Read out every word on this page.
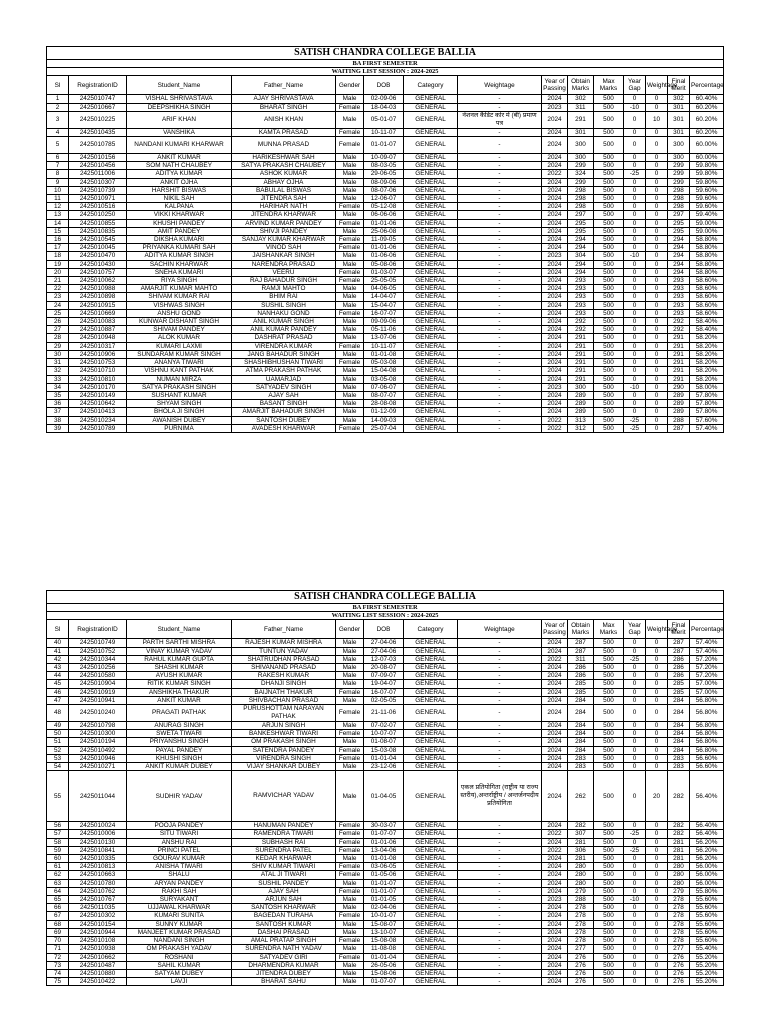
SATISH CHANDRA COLLEGE BALLIA														
BA FIRST SEMESTER														
WAITING LIST SESSION : 2024-2025														
Sl	RegistrationID	Student_Name	Father_Name	Gender	DOB	Category	Weightage	Year of Passing	Obtain Marks	Max Marks	Year Gap	Weightage	Final Merit	Percentage
1	2425010747	VISHAL SHRIVASTAVA	AJAY SHRIVASTAVA	Male	02-09-06	GENERAL	-	2024	302	500	0	0	302	60.40%
2	2425010667	DEEPSHIKHA SINGH	BHARAT SINGH	Female	18-04-03	GENERAL	-	2023	311	500	-10	0	301	60.20%
3	2425010225	ARIF KHAN	ANISH KHAN	Male	05-01-07	GENERAL	नेशनल कैडिट कोर में (बी) प्रमाण पत्र	2024	291	500	0	10	301	60.20%
4	2425010435	VANSHIKA	KAMTA PRASAD	Female	10-11-07	GENERAL	-	2024	301	500	0	0	301	60.20%
5	2425010785	NANDANI KUMARI KHARWAR	MUNNA PRASAD	Female	01-01-07	GENERAL	-	2024	300	500	0	0	300	60.00%
6	2425010156	ANKIT KUMAR	HARIKESHWAR SAH	Male	10-09-07	GENERAL	-	2024	300	500	0	0	300	60.00%
7	2425010456	SOM NATH CHAUBEY	SATYA PRAKASH CHAUBEY	Male	08-03-05	GENERAL	-	2024	299	500	0	0	299	59.80%
8	2425011006	ADITYA KUMAR	ASHOK KUMAR	Male	29-06-05	GENERAL	-	2022	324	500	-25	0	299	59.80%
9	2425010307	ANKIT OJHA	ABHAY OJHA	Male	08-09-06	GENERAL	-	2024	299	500	0	0	299	59.80%
10	2425010739	HARSHIT BISWAS	BABULAL BISWAS	Male	08-07-06	GENERAL	-	2024	298	500	0	0	298	59.60%
11	2425010971	NIKIL SAH	JITENDRA SAH	Male	12-06-07	GENERAL	-	2024	298	500	0	0	298	59.60%
12	2425010516	KALPANA	HARIHAR NATH	Female	05-12-08	GENERAL	-	2024	298	500	0	0	298	59.60%
13	2425010250	VIKKI KHARWAR	JITENDRA KHARWAR	Male	06-06-06	GENERAL	-	2024	297	500	0	0	297	59.40%
14	2425010855	KHUSHI PANDEY	ARVIND KUMAR PANDEY	Female	01-01-06	GENERAL	-	2024	295	500	0	0	295	59.00%
15	2425010835	AMIT PANDEY	SHIVJI PANDEY	Male	25-06-08	GENERAL	-	2024	295	500	0	0	295	59.00%
16	2425010545	DIKSHA KUMARI	SANJAY KUMAR KHARWAR	Female	11-09-05	GENERAL	-	2024	294	500	0	0	294	58.80%
17	2425010045	PRIYANKA KUMARI SAH	VINOD SAH	Female	01-01-06	GENERAL	-	2024	294	500	0	0	294	58.80%
18	2425010470	ADITYA KUMAR SINGH	JAISHANKAR SINGH	Male	01-06-06	GENERAL	-	2023	304	500	-10	0	294	58.80%
19	2425010430	SACHIN KHARWAR	NARENDRA PRASAD	Male	05-08-06	GENERAL	-	2024	294	500	0	0	294	58.80%
20	2425010757	SNEHA KUMARI	VEERU	Female	01-03-07	GENERAL	-	2024	294	500	0	0	294	58.80%
21	2425010062	RIYA SINGH	RAJ BAHADUR SINGH	Female	25-05-05	GENERAL	-	2024	293	500	0	0	293	58.60%
22	2425010988	AMARJIT KUMAR MAHTO	RAMJI MAHTO	Male	04-06-05	GENERAL	-	2024	293	500	0	0	293	58.60%
23	2425010898	SHIVAM KUMAR RAI	BHIM RAI	Male	14-04-07	GENERAL	-	2024	293	500	0	0	293	58.60%
24	2425010915	VISHWAS SINGH	SUSHIL SINGH	Male	15-04-07	GENERAL	-	2024	293	500	0	0	293	58.60%
25	2425010669	ANSHU GOND	NANHAKU GOND	Female	16-07-07	GENERAL	-	2024	293	500	0	0	293	58.60%
26	2425010083	KUNWAR DISHANT SINGH	ANIL KUMAR SINGH	Male	09-09-06	GENERAL	-	2024	292	500	0	0	292	58.40%
27	2425010887	SHIVAM PANDEY	ANIL KUMAR PANDEY	Male	05-11-06	GENERAL	-	2024	292	500	0	0	292	58.40%
28	2425010948	ALOK KUMAR	DASHRAT PRASAD	Male	13-07-06	GENERAL	-	2024	291	500	0	0	291	58.20%
29	2425010317	KUMARI LAXMI	VIRENDRA KUMAR	Female	10-11-07	GENERAL	-	2024	291	500	0	0	291	58.20%
30	2425010906	SUNDARAM KUMAR SINGH	JANG BAHADUR SINGH	Male	01-01-08	GENERAL	-	2024	291	500	0	0	291	58.20%
31	2425010753	ANANYA TIWARI	SHASHIBHUSHAN TIWARI	Female	05-03-08	GENERAL	-	2024	291	500	0	0	291	58.20%
32	2425010710	VISHNU KANT PATHAK	ATMA PRAKASH PATHAK	Male	15-04-08	GENERAL	-	2024	291	500	0	0	291	58.20%
33	2425010810	NUMAN MIRZA	UAMARJAD	Male	03-05-08	GENERAL	-	2024	291	500	0	0	291	58.20%
34	2425010170	SATYA PRAKASH SINGH	SATYADEV SINGH	Male	07-06-07	GENERAL	-	2023	300	500	-10	0	290	58.00%
35	2425010149	SUSHANT KUMAR	AJAY SAH	Male	08-07-07	GENERAL	-	2024	289	500	0	0	289	57.80%
36	2425010642	SHYAM SINGH	BASANT SINGH	Male	28-08-08	GENERAL	-	2024	289	500	0	0	289	57.80%
37	2425010413	BHOLA JI SINGH	AMARJIT BAHADUR SINGH	Male	01-12-09	GENERAL	-	2024	289	500	0	0	289	57.80%
38	2425010234	AWANISH DUBEY	SANTOSH DUBEY	Male	14-09-03	GENERAL	-	2022	313	500	-25	0	288	57.60%
39	2425010789	PURNIMA	AVADESH KHARWAR	Female	25-07-04	GENERAL	-	2022	312	500	-25	0	287	57.40%
SATISH CHANDRA COLLEGE BALLIA														
BA FIRST SEMESTER														
WAITING LIST SESSION : 2024-2025														
Sl	RegistrationID	Student_Name	Father_Name	Gender	DOB	Category	Weightage	Year of Passing	Obtain Marks	Max Marks	Year Gap	Weightage	Final Merit	Percentage
40	2425010749	PARTH SARTHI MISHRA	RAJESH KUMAR MISHRA	Male	27-04-06	GENERAL	-	2024	287	500	0	0	287	57.40%
41	2425010752	VINAY KUMAR YADAV	TUNTUN YADAV	Male	27-04-06	GENERAL	-	2024	287	500	0	0	287	57.40%
42	2425010344	RAHUL KUMAR GUPTA	SHATRUDHAN PRASAD	Male	12-07-03	GENERAL	-	2022	311	500	-25	0	286	57.20%
43	2425010256	SHASHI KUMAR	SHIVANAND PRASAD	Male	20-08-07	GENERAL	-	2024	286	500	0	0	286	57.20%
44	2425010580	AYUSH KUMAR	RAKESH KUMAR	Male	07-09-07	GENERAL	-	2024	286	500	0	0	286	57.20%
45	2425010904	RITIK KUMAR SINGH	DHANJI SINGH	Male	19-04-07	GENERAL	-	2024	285	500	0	0	285	57.00%
46	2425010919	ANSHIKHA THAKUR	BAIJNATH THAKUR	Female	16-07-07	GENERAL	-	2024	285	500	0	0	285	57.00%
47	2425010941	ANKIT KUMAR	SHIVBACHAN PRASAD	Male	02-05-05	GENERAL	-	2024	284	500	0	0	284	56.80%
48	2425010240	PRAGATI PATHAK	PURUSHOTTAM NARAYAN PATHAK	Female	21-11-06	GENERAL	-	2024	284	500	0	0	284	56.80%
49	2425010798	ANURAG SINGH	ARJUN SINGH	Male	07-02-07	GENERAL	-	2024	284	500	0	0	284	56.80%
50	2425010300	SWETA TIWARI	BANKESHWAR TIWARI	Female	10-07-07	GENERAL	-	2024	284	500	0	0	284	56.80%
51	2425010194	PRIYANSHU SINGH	OM PRAKASH SINGH	Male	01-08-07	GENERAL	-	2024	284	500	0	0	284	56.80%
52	2425010492	PAYAL PANDEY	SATENDRA PANDEY	Female	15-03-08	GENERAL	-	2024	284	500	0	0	284	56.80%
53	2425010946	KHUSHI SINGH	VIRENDRA SINGH	Female	01-01-04	GENERAL	-	2024	283	500	0	0	283	56.60%
54	2425010271	ANKIT KUMAR DUBEY	VIJAY SHANKAR DUBEY	Male	23-12-06	GENERAL	-	2024	283	500	0	0	283	56.60%
55	2425011044	SUDHIR YADAV	RAMVICHAR YADAV	Male	01-04-05	GENERAL	एकल प्रतियोगिता (राष्ट्रीय या राज्य स्तरीय),अन्तर्राष्ट्रीय / अन्तर्जनपदीय प्रतियोगिता	2024	262	500	0	20	282	56.40%
56	2425010024	POOJA PANDEY	HANUMAN PANDEY	Female	30-03-07	GENERAL	-	2024	282	500	0	0	282	56.40%
57	2425010006	SITU TIWARI	RAMENDRA TIWARI	Female	01-07-07	GENERAL	-	2022	307	500	-25	0	282	56.40%
58	2425010130	ANSHU RAI	SUBHASH RAI	Female	01-01-06	GENERAL	-	2024	281	500	0	0	281	56.20%
59	2425010841	PRINCI PATEL	SURENDRA PATEL	Female	13-04-06	GENERAL	-	2022	306	500	-25	0	281	56.20%
60	2425010335	GOURAV KUMAR	KEDAR KHARWAR	Male	01-01-08	GENERAL	-	2024	281	500	0	0	281	56.20%
61	2425010813	ANISHA TIWARI	SHIV KUMAR TIWARI	Female	03-06-05	GENERAL	-	2024	280	500	0	0	280	56.00%
62	2425010663	SHALU	ATAL JI TIWARI	Female	01-05-06	GENERAL	-	2024	280	500	0	0	280	56.00%
63	2425010780	ARYAN PANDEY	SUSHIL PANDEY	Male	01-01-07	GENERAL	-	2024	280	500	0	0	280	56.00%
64	2425010762	RAKHI SAH	AJAY SAH	Female	01-01-07	GENERAL	-	2024	279	500	0	0	279	55.80%
65	2425010767	SURYAKANT	ARJUN SAH	Male	01-01-05	GENERAL	-	2023	288	500	-10	0	278	55.60%
66	2425011035	UJJAWAL KHARWAR	SANTOSH KHARWAR	Male	02-04-06	GENERAL	-	2024	278	500	0	0	278	55.60%
67	2425010302	KUMARI SUNITA	BAGEDAN TURAHA	Female	10-01-07	GENERAL	-	2024	278	500	0	0	278	55.60%
68	2425010154	SUNNY KUMAR	SANTOSH KUMAR	Male	15-08-07	GENERAL	-	2024	278	500	0	0	278	55.60%
69	2425010944	MANJEET KUMAR PRASAD	DASHAI PRASAD	Male	13-10-07	GENERAL	-	2024	278	500	0	0	278	55.60%
70	2425010108	NANDANI SINGH	AMAL PRATAP SINGH	Female	15-08-08	GENERAL	-	2024	278	500	0	0	278	55.60%
71	2425010938	OM PRAKASH YADAV	SURENDRA NATH YADAV	Male	11-08-08	GENERAL	-	2024	277	500	0	0	277	55.40%
72	2425010662	ROSHANI	SATYADEV GIRI	Female	01-01-04	GENERAL	-	2024	276	500	0	0	276	55.20%
73	2425010487	SAHIL KUMAR	DHARMENDRA KUMAR	Male	26-05-06	GENERAL	-	2024	276	500	0	0	276	55.20%
74	2425010880	SATYAM DUBEY	JITENDRA DUBEY	Male	15-08-06	GENERAL	-	2024	276	500	0	0	276	55.20%
75	2425010422	LAVJI	BHARAT SAHU	Male	01-07-07	GENERAL	-	2024	276	500	0	0	276	55.20%
